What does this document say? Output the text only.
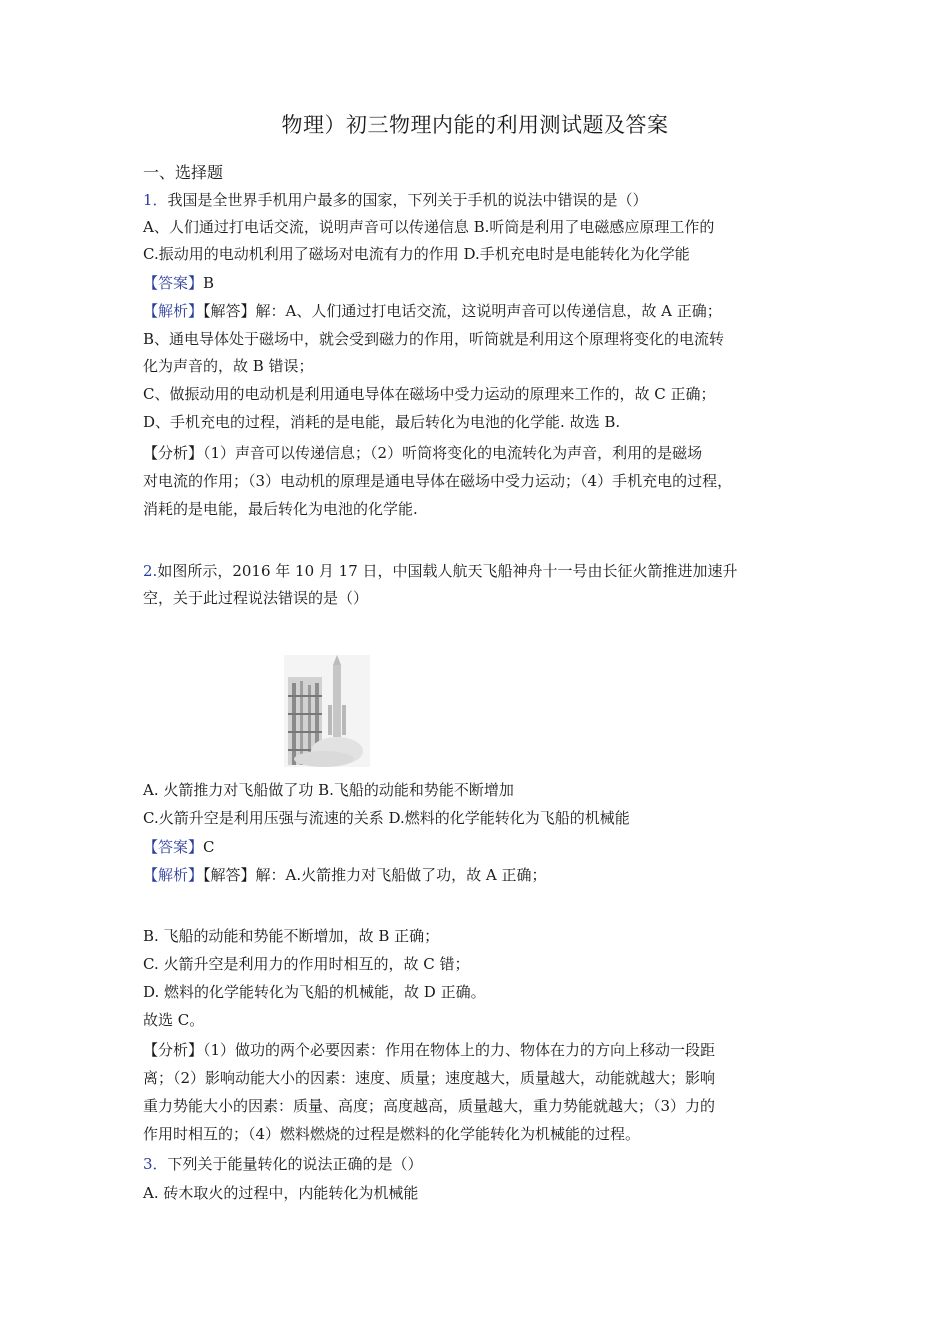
物理）初三物理内能的利用测试题及答案
一、选择题
1．我国是全世界手机用户最多的国家，下列关于手机的说法中错误的是（）
A、人们通过打电话交流，说明声音可以传递信息 B.听筒是利用了电磁感应原理工作的
C.振动用的电动机利用了磁场对电流有力的作用 D.手机充电时是电能转化为化学能
【答案】B
【解析】【解答】解：A、人们通过打电话交流，这说明声音可以传递信息，故 A 正确；
B、通电导体处于磁场中，就会受到磁力的作用，听筒就是利用这个原理将变化的电流转
化为声音的，故 B 错误；
C、做振动用的电动机是利用通电导体在磁场中受力运动的原理来工作的，故 C 正确；
D、手机充电的过程，消耗的是电能，最后转化为电池的化学能. 故选 B.
【分析】（1）声音可以传递信息；（2）听筒将变化的电流转化为声音，利用的是磁场
对电流的作用；（3）电动机的原理是通电导体在磁场中受力运动；（4）手机充电的过程，
消耗的是电能，最后转化为电池的化学能.
2.如图所示，2016 年 10 月 17 日，中国载人航天飞船神舟十一号由长征火箭推进加速升
空，关于此过程说法错误的是（）
A. 火箭推力对飞船做了功 B.飞船的动能和势能不断增加
C.火箭升空是利用压强与流速的关系 D.燃料的化学能转化为飞船的机械能
【答案】C
【解析】【解答】解：A.火箭推力对飞船做了功，故 A 正确；
B. 飞船的动能和势能不断增加，故 B 正确；
C. 火箭升空是利用力的作用时相互的，故 C 错；
D. 燃料的化学能转化为飞船的机械能，故 D 正确。
故选 C。
【分析】（1）做功的两个必要因素：作用在物体上的力、物体在力的方向上移动一段距
离；（2）影响动能大小的因素：速度、质量；速度越大，质量越大，动能就越大；影响
重力势能大小的因素：质量、高度；高度越高，质量越大，重力势能就越大；（3）力的
作用时相互的；（4）燃料燃烧的过程是燃料的化学能转化为机械能的过程。
3．下列关于能量转化的说法正确的是（）
A. 砖木取火的过程中，内能转化为机械能
